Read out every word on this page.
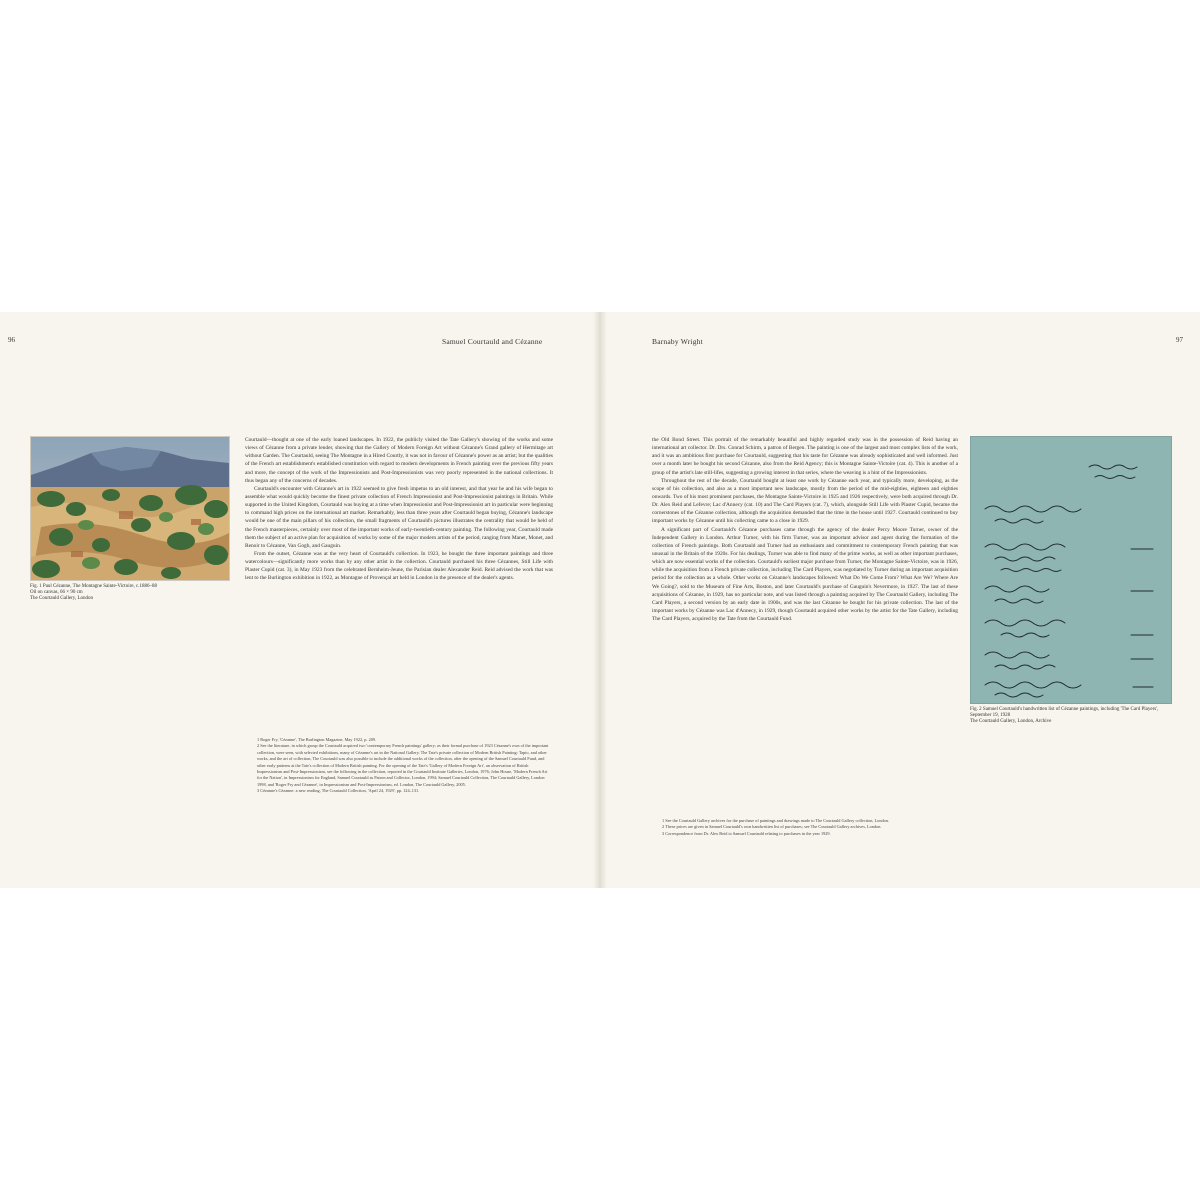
96	Samuel Courtauld and Cézanne
Fig. 1 Paul Cézanne, The Montagne Sainte-Victoire, c.1886–88
Oil on canvas, 66 × 90 cm
The Courtauld Gallery, London

Courtauld—thought at one of the early loaned landscapes. In 1922, the publicly visited the Tate Gallery's showing of the works and some views of Cézanne from a private lender, showing that the Gallery of Modern Foreign Art without Cézanne's Grand gallery of Hermitage art without Garden. The Courtauld, seeing The Montagne in a Hired Courtly, it was not in favour of Cézanne's power as an artist; but the qualities of the French art establishment's established constitution with regard to modern developments in French painting over the previous fifty years and more, the concept of the work of the Impressionists and Post-Impressionists was very poorly represented in the national collections. It thus began any of the concerns of decades.

Courtauld's encounter with Cézanne's art in 1922 seemed to give fresh impetus to an old interest, and that year he and his wife began to assemble what would quickly become the finest private collection of French Impressionist and Post-Impressionist paintings in Britain. While supported in the United Kingdom, Courtauld was buying at a time when Impressionist and Post-Impressionist art in particular were beginning to command high prices on the international art market. Remarkably, less than three years after Courtauld began buying, Cézanne's landscape would be one of the main pillars of his collection, the small fragments of Courtauld's pictures illustrates the centrality that would be held of the French masterpieces, certainly over most of the important works of early-twentieth-century painting. The following year, Courtauld made them the subject of an active plan for acquisition of works by some of the major modern artists of the period, ranging from Manet, Monet, and Renoir to Cézanne, Van Gogh, and Gauguin.

From the outset, Cézanne was at the very heart of Courtauld's collection. In 1923, he bought the three important paintings and three watercolours—significantly more works than by any other artist in the collection. Courtauld purchased his three Cézannes, Still Life with Plaster Cupid (cat. 3), in May 1923 from the celebrated Bernheim-Jeune, the Parisian dealer Alexander Reid. Reid advised the work that was lent to the Burlington exhibition in 1922, as Montagne of Provençal art held in London in the presence of the dealer's agents.

1 Roger Fry, 'Cézanne', The Burlington Magazine, May 1922, p. 209.
2 See the literature, in which group the Courtauld acquired two 'contemporary French paintings' gallery; as their formal purchase of 1923 Cézanne's own of the important collection, were seen, with selected exhibitions, many of Cézanne's art in the National Gallery. The Tate's private collection of Modern British Painting: Tapio, and other works, and the art of collection, The Courtauld was also possible to include the additional works of the collection, after the opening of the Samuel Courtauld Fund, and other early patterns at the Tate's collection of Modern British painting. For the opening of the Tate's 'Gallery of Modern Foreign Art', an observation of British Impressionism and Post-Impressionism, see the following in the collection, reported in the Courtauld Institute Galleries, London, 1976; John House, 'Modern French Art for the Nation', in Impressionism for England, Samuel Courtauld as Patron and Collector, London, 1994; Samuel Courtauld Collection, The Courtauld Gallery, London 1998, and 'Roger Fry and Cézanne', in Impressionism and Post-Impressionism, ed. London, The Courtauld Gallery, 2005.
3 Cézanne's Cézanne: a new reading, The Courtauld Collection, 'April 24, 1929', pp. 124–131.
Barnaby Wright	97

the Old Bond Street. This portrait of the remarkably beautiful and highly regarded study was in the possession of Reid having an international art collector. Dr. Drs. Conrad Schirm, a patron of Bergen. The painting is one of the largest and most complex lists of the work, and it was an ambitious first purchase for Courtauld, suggesting that his taste for Cézanne was already sophisticated and well informed. Just over a month later he bought his second Cézanne, also from the Reid Agency; this is Montagne Sainte-Victoire (cat. 4). This is another of a group of the artist's late still-lifes, suggesting a growing interest in that series, where the weaving is a hint of the Impressionists.

Throughout the rest of the decade, Courtauld bought at least one work by Cézanne each year, and typically more, developing, as the scope of his collection, and also as a most important new landscape, mostly from the period of the mid-eighties, eighteen and eighties onwards. Two of his most prominent purchases, the Montagne Sainte-Victoire in 1925 and 1926 respectively, were both acquired through Dr. Dr. Alex Reid and Lefevre; Lac d'Annecy (cat. 10) and The Card Players (cat. 7), which, alongside Still Life with Plaster Cupid, became the cornerstones of the Cézanne collection, although the acquisition demanded that the time in the house until 1927. Courtauld continued to buy important works by Cézanne until his collecting came to a close in 1929.

A significant part of Courtauld's Cézanne purchases came through the agency of the dealer Percy Moore Turner, owner of the Independent Gallery in London. Arthur Turner, with his firm Turner, was an important advisor and agent during the formation of the collection of French paintings. Both Courtauld and Turner had an enthusiasm and commitment to contemporary French painting that was unusual in the Britain of the 1920s. For his dealings, Turner was able to find many of the prime works, as well as other important purchases, which are now essential works of the collection. Courtauld's earliest major purchase from Turner, the Montagne Sainte-Victoire, was in 1926, while the acquisition from a French private collection, including The Card Players, was negotiated by Turner during an important acquisition period for the collection as a whole. Other works on Cézanne's landscapes followed: What Do We Come From? What Are We? Where Are We Going?, sold to the Museum of Fine Arts, Boston, and later Courtauld's purchase of Gauguin's Nevermore, in 1927. The last of these acquisitions of Cézanne, in 1929, has no particular note, and was listed through a painting acquired by The Courtauld Gallery, including The Card Players, a second version by an early date in 1900s, and was the last Cézanne he bought for his private collection. The last of the important works by Cézanne was Lac d'Annecy, in 1929, though Courtauld acquired other works by the artist for the Tate Gallery, including The Card Players, acquired by the Tate from the Courtauld Fund.

Fig. 2 Samuel Courtauld's handwritten list of Cézanne paintings, including 'The Card Players', September 19, 1928
The Courtauld Gallery, London, Archive
1 See the Courtauld Gallery archives for the purchase of paintings and drawings made to The Courtauld Gallery collection, London.
2 These prices are given in Samuel Courtauld's own handwritten list of purchases; see The Courtauld Gallery archives, London.
3 Correspondence from Dr. Alex Reid to Samuel Courtauld relating to purchases in the year 1929.
